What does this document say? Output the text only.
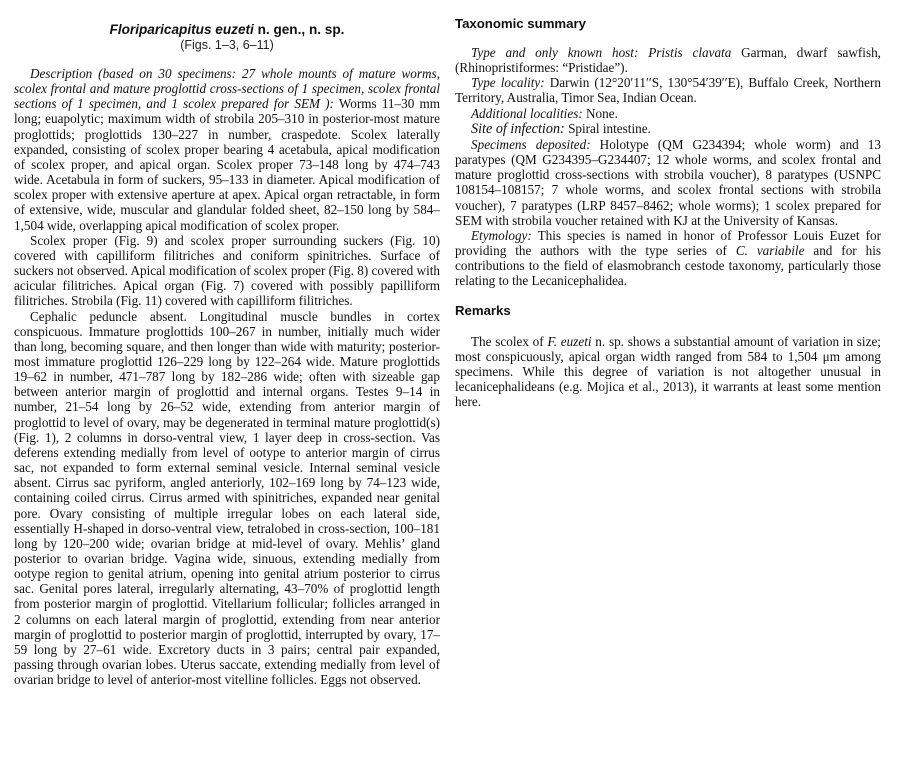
Floriparicapitus euzeti n. gen., n. sp.
(Figs. 1–3, 6–11)

Description (based on 30 specimens: 27 whole mounts of mature worms, scolex frontal and mature proglottid cross-sections of 1 specimen, scolex frontal sections of 1 specimen, and 1 scolex prepared for SEM ): Worms 11–30 mm long; euapolytic; maximum width of strobila 205–310 in posterior-most mature proglottids; proglottids 130–227 in number, craspedote. Scolex laterally expanded, consisting of scolex proper bearing 4 acetabula, apical modification of scolex proper, and apical organ. Scolex proper 73–148 long by 474–743 wide. Acetabula in form of suckers, 95–133 in diameter. Apical modification of scolex proper with extensive aperture at apex. Apical organ retractable, in form of extensive, wide, muscular and glandular folded sheet, 82–150 long by 584–1,504 wide, overlapping apical modification of scolex proper.

Scolex proper (Fig. 9) and scolex proper surrounding suckers (Fig. 10) covered with capilliform filitriches and coniform spinitriches. Surface of suckers not observed. Apical modification of scolex proper (Fig. 8) covered with acicular filitriches. Apical organ (Fig. 7) covered with possibly papilliform filitriches. Strobila (Fig. 11) covered with capilliform filitriches.

Cephalic peduncle absent. Longitudinal muscle bundles in cortex conspicuous. Immature proglottids 100–267 in number, initially much wider than long, becoming square, and then longer than wide with maturity; posterior-most immature proglottid 126–229 long by 122–264 wide. Mature proglottids 19–62 in number, 471–787 long by 182–286 wide; often with sizeable gap between anterior margin of proglottid and internal organs. Testes 9–14 in number, 21–54 long by 26–52 wide, extending from anterior margin of proglottid to level of ovary, may be degenerated in terminal mature proglottid(s) (Fig. 1), 2 columns in dorso-ventral view, 1 layer deep in cross-section. Vas deferens extending medially from level of ootype to anterior margin of cirrus sac, not expanded to form external seminal vesicle. Internal seminal vesicle absent. Cirrus sac pyriform, angled anteriorly, 102–169 long by 74–123 wide, containing coiled cirrus. Cirrus armed with spinitriches, expanded near genital pore. Ovary consisting of multiple irregular lobes on each lateral side, essentially H-shaped in dorso-ventral view, tetralobed in cross-section, 100–181 long by 120–200 wide; ovarian bridge at mid-level of ovary. Mehlis’ gland posterior to ovarian bridge. Vagina wide, sinuous, extending medially from ootype region to genital atrium, opening into genital atrium posterior to cirrus sac. Genital pores lateral, irregularly alternating, 43–70% of proglottid length from posterior margin of proglottid. Vitellarium follicular; follicles arranged in 2 columns on each lateral margin of proglottid, extending from near anterior margin of proglottid to posterior margin of proglottid, interrupted by ovary, 17–59 long by 27–61 wide. Excretory ducts in 3 pairs; central pair expanded, passing through ovarian lobes. Uterus saccate, extending medially from level of ovarian bridge to level of anterior-most vitelline follicles. Eggs not observed.

Taxonomic summary

Type and only known host: Pristis clavata Garman, dwarf sawfish, (Rhinopristiformes: “Pristidae”).

Type locality: Darwin (12°20′11′′S, 130°54′39′′E), Buffalo Creek, Northern Territory, Australia, Timor Sea, Indian Ocean.

Additional localities: None.

Site of infection: Spiral intestine.

Specimens deposited: Holotype (QM G234394; whole worm) and 13 paratypes (QM G234395–G234407; 12 whole worms, and scolex frontal and mature proglottid cross-sections with strobila voucher), 8 paratypes (USNPC 108154–108157; 7 whole worms, and scolex frontal sections with strobila voucher), 7 paratypes (LRP 8457–8462; whole worms); 1 scolex prepared for SEM with strobila voucher retained with KJ at the University of Kansas.

Etymology: This species is named in honor of Professor Louis Euzet for providing the authors with the type series of C. variabile and for his contributions to the field of elasmobranch cestode taxonomy, particularly those relating to the Lecanicephalidea.

Remarks

The scolex of F. euzeti n. sp. shows a substantial amount of variation in size; most conspicuously, apical organ width ranged from 584 to 1,504 μm among specimens. While this degree of variation is not altogether unusual in lecanicephalideans (e.g. Mojica et al., 2013), it warrants at least some mention here.
